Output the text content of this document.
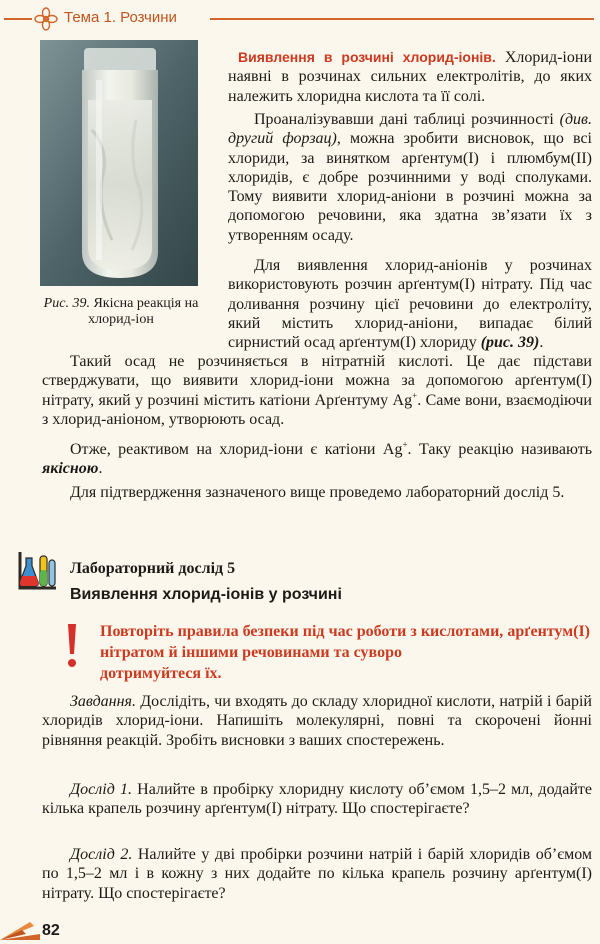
Тема 1. Розчини
Рис. 39. Якісна реакція на хлорид-іон

Виявлення в розчині хлорид-іонів. Хлорид-іони наявні в розчинах сильних електролітів, до яких належить хлоридна кислота та її солі.

Проаналізувавши дані таблиці розчинності (див. другий форзац), можна зробити висновок, що всі хлориди, за винятком арґентум(I) і плюмбум(II) хлоридів, є добре розчинними у воді сполуками. Тому виявити хлорид-аніони в розчині можна за допомогою речовини, яка здатна зв’язати їх з утворенням осаду.

Для виявлення хлорид-аніонів у розчинах використовують розчин арґентум(I) нітрату. Під час доливання розчину цієї речовини до електроліту, який містить хлорид-аніони, випадає білий сирнистий осад арґентум(I) хлориду (рис. 39).

Такий осад не розчиняється в нітратній кислоті. Це дає підстави стверджувати, що виявити хлорид-іони можна за допомогою арґентум(I) нітрату, який у розчині містить катіони Арґентуму Ag+. Саме вони, взаємодіючи з хлорид-аніоном, утворюють осад.

Отже, реактивом на хлорид-іони є катіони Ag+. Таку реакцію називають якісною.

Для підтвердження зазначеного вище проведемо лабораторний дослід 5.

Лабораторний дослід 5
Виявлення хлорид-іонів у розчині
Повторіть правила безпеки під час роботи з кислотами, арґентум(I) нітратом й іншими речовинами та суворо
дотримуйтеся їх.

Завдання. Дослідіть, чи входять до складу хлоридної кислоти, натрій і барій хлоридів хлорид-іони. Напишіть молекулярні, повні та скорочені йонні рівняння реакцій. Зробіть висновки з ваших спостережень.

Дослід 1. Налийте в пробірку хлоридну кислоту об’ємом 1,5–2 мл, додайте кілька крапель розчину арґентум(I) нітрату. Що спостерігаєте?

Дослід 2. Налийте у дві пробірки розчини натрій і барій хлоридів об’ємом по 1,5–2 мл і в кожну з них додайте по кілька крапель розчину арґентум(I) нітрату. Що спостерігаєте?

82
